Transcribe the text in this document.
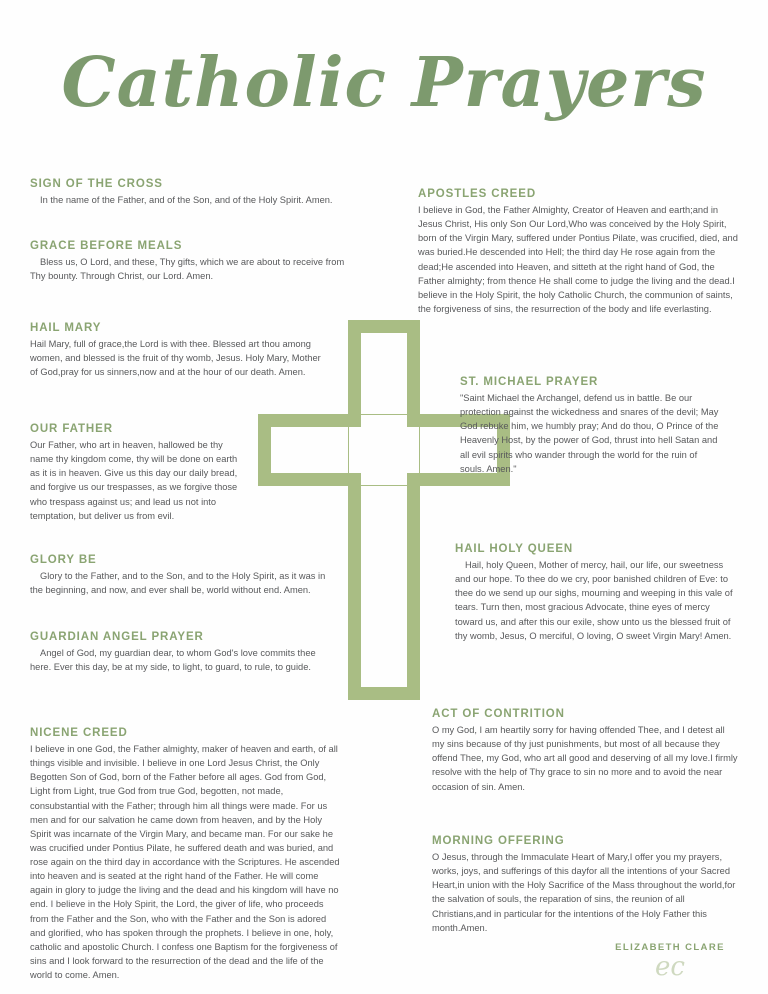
Catholic Prayers
SIGN OF THE CROSS

In the name of the Father, and of the Son, and of the Holy Spirit. Amen.

GRACE BEFORE MEALS

Bless us, O Lord, and these, Thy gifts, which we are about to receive from Thy bounty. Through Christ, our Lord. Amen.

HAIL MARY

Hail Mary, full of grace,the Lord is with thee. Blessed art thou among women, and blessed is the fruit of thy womb, Jesus. Holy Mary, Mother of God,pray for us sinners,now and at the hour of our death. Amen.

OUR FATHER

Our Father, who art in heaven, hallowed be thy name thy kingdom come, thy will be done on earth as it is in heaven. Give us this day our daily bread, and forgive us our trespasses, as we forgive those who trespass against us; and lead us not into temptation, but deliver us from evil.

GLORY BE

Glory to the Father, and to the Son, and to the Holy Spirit, as it was in the beginning, and now, and ever shall be, world without end. Amen.

GUARDIAN ANGEL PRAYER

Angel of God, my guardian dear, to whom God's love commits thee here. Ever this day, be at my side, to light, to guard, to rule, to guide.

NICENE CREED

I believe in one God, the Father almighty, maker of heaven and earth, of all things visible and invisible. I believe in one Lord Jesus Christ, the Only Begotten Son of God, born of the Father before all ages. God from God, Light from Light, true God from true God, begotten, not made, consubstantial with the Father; through him all things were made. For us men and for our salvation he came down from heaven, and by the Holy Spirit was incarnate of the Virgin Mary, and became man. For our sake he was crucified under Pontius Pilate, he suffered death and was buried, and rose again on the third day in accordance with the Scriptures. He ascended into heaven and is seated at the right hand of the Father. He will come again in glory to judge the living and the dead and his kingdom will have no end. I believe in the Holy Spirit, the Lord, the giver of life, who proceeds from the Father and the Son, who with the Father and the Son is adored and glorified, who has spoken through the prophets. I believe in one, holy, catholic and apostolic Church. I confess one Baptism for the forgiveness of sins and I look forward to the resurrection of the dead and the life of the world to come. Amen.

APOSTLES CREED

I believe in God, the Father Almighty, Creator of Heaven and earth;and in Jesus Christ, His only Son Our Lord,Who was conceived by the Holy Spirit, born of the Virgin Mary, suffered under Pontius Pilate, was crucified, died, and was buried.He descended into Hell; the third day He rose again from the dead;He ascended into Heaven, and sitteth at the right hand of God, the Father almighty; from thence He shall come to judge the living and the dead.I believe in the Holy Spirit, the holy Catholic Church, the communion of saints, the forgiveness of sins, the resurrection of the body and life everlasting.

ST. MICHAEL PRAYER

"Saint Michael the Archangel, defend us in battle. Be our protection against the wickedness and snares of the devil; May God rebuke him, we humbly pray; And do thou, O Prince of the Heavenly Host, by the power of God, thrust into hell Satan and all evil spirits who wander through the world for the ruin of souls. Amen."

HAIL HOLY QUEEN

Hail, holy Queen, Mother of mercy, hail, our life, our sweetness and our hope. To thee do we cry, poor banished children of Eve: to thee do we send up our sighs, mourning and weeping in this vale of tears. Turn then, most gracious Advocate, thine eyes of mercy toward us, and after this our exile, show unto us the blessed fruit of thy womb, Jesus, O merciful, O loving, O sweet Virgin Mary! Amen.

ACT OF CONTRITION

O my God, I am heartily sorry for having offended Thee, and I detest all my sins because of thy just punishments, but most of all because they offend Thee, my God, who art all good and deserving of all my love.I firmly resolve with the help of Thy grace to sin no more and to avoid the near occasion of sin. Amen.

MORNING OFFERING

O Jesus, through the Immaculate Heart of Mary,I offer you my prayers, works, joys, and sufferings of this dayfor all the intentions of your Sacred Heart,in union with the Holy Sacrifice of the Mass throughout the world,for the salvation of souls, the reparation of sins, the reunion of all Christians,and in particular for the intentions of the Holy Father this month.Amen.

ec
ELIZABETH CLARE
